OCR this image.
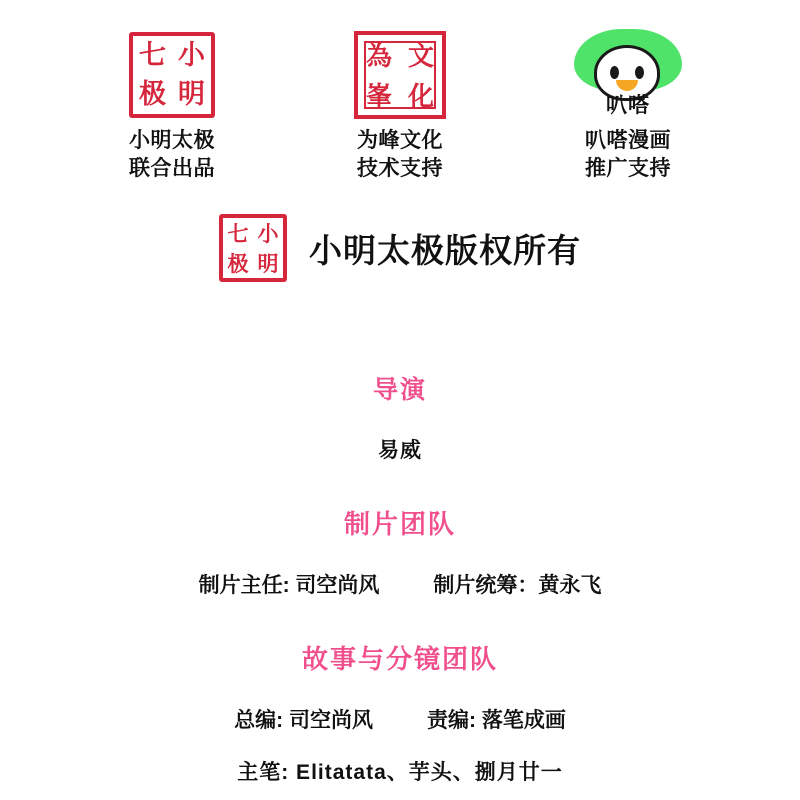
七 小
极 明
小明太极
联合出品
為 文
峯 化
为峰文化
技术支持
叭嗒
叭嗒漫画
推广支持
七 小
极 明 小明太极版权所有
导演
易威
制片团队
制片主任: 司空尚风	制片统筹：黄永飞
故事与分镜团队
总编: 司空尚风	责编: 落笔成画
主笔: Elitatata、芋头、捌月廿一
